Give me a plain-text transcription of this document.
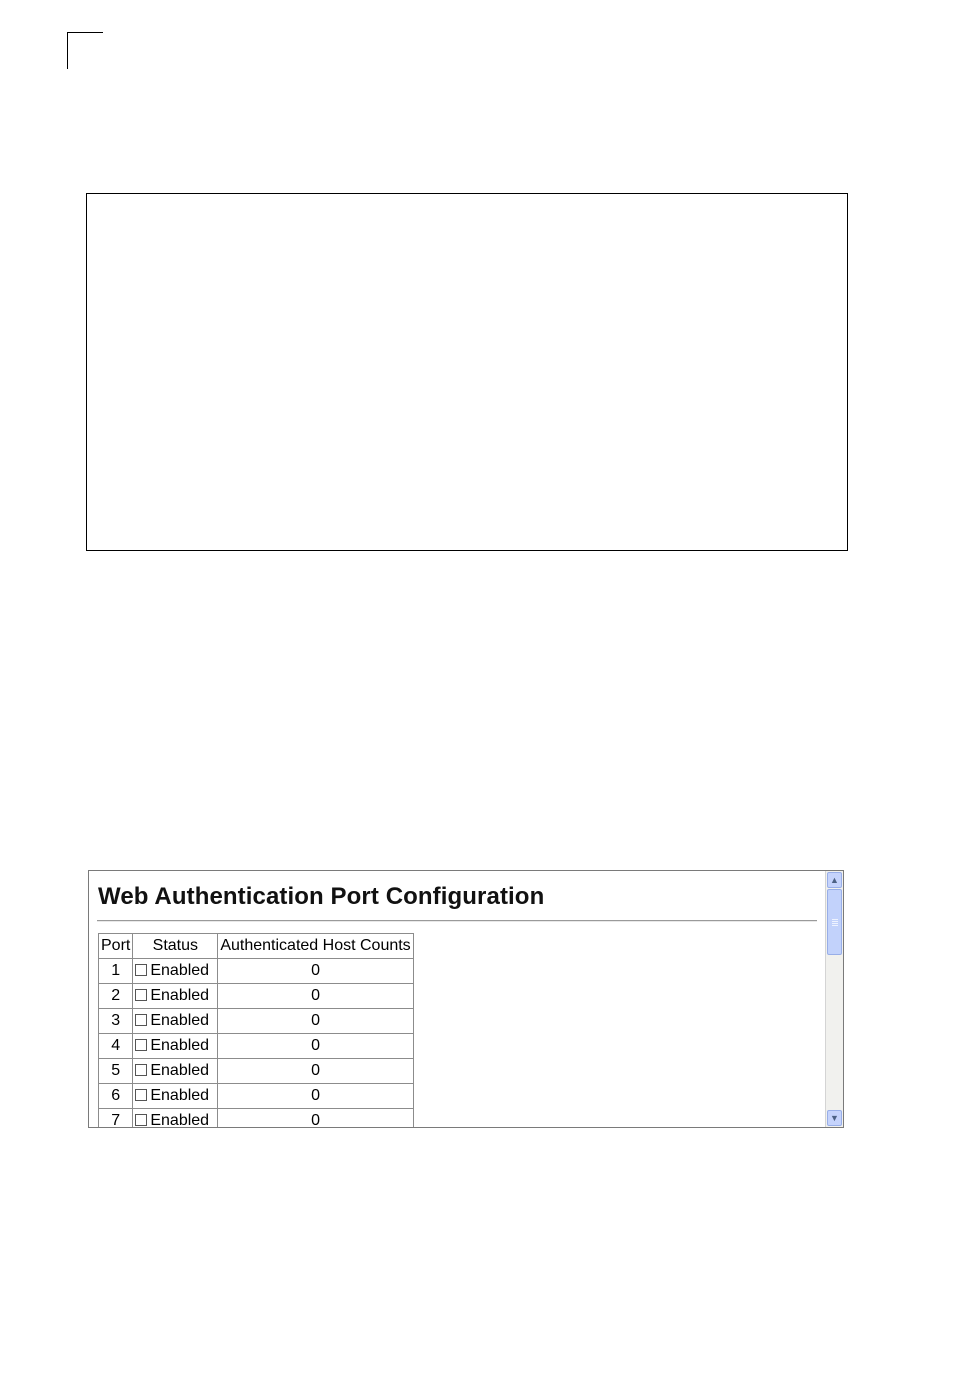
Web Authentication Port Configuration
Port	Status	Authenticated Host Counts
1	Enabled	0
2	Enabled	0
3	Enabled	0
4	Enabled	0
5	Enabled	0
6	Enabled	0
7	Enabled	0
▲
▼
